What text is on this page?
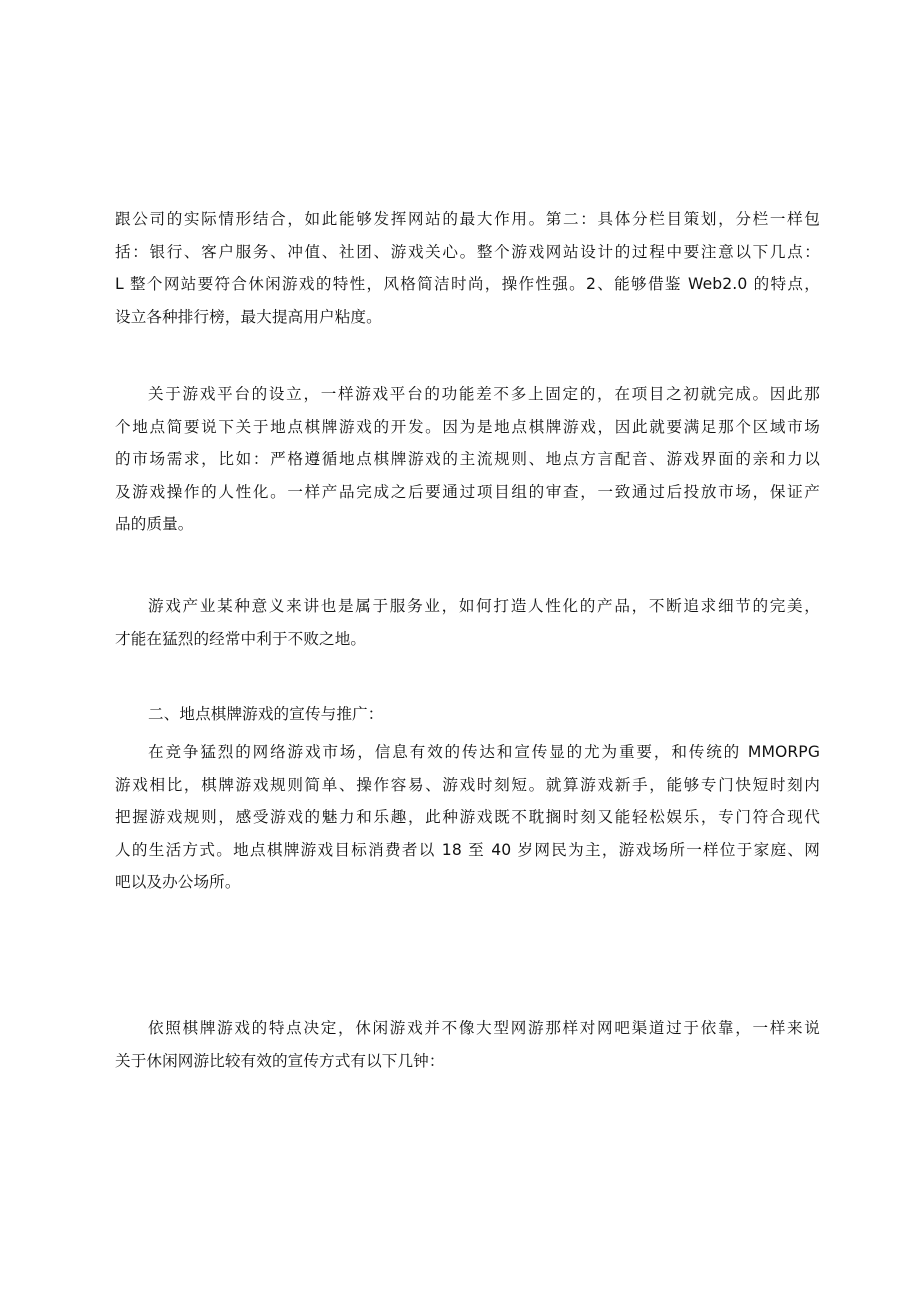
跟公司的实际情形结合，如此能够发挥网站的最大作用。第二：具体分栏目策划，分栏一样包
括：银行、客户服务、冲值、社团、游戏关心。整个游戏网站设计的过程中要注意以下几点：
L 整个网站要符合休闲游戏的特性，风格简洁时尚，操作性强。2、能够借鉴 Web2.0 的特点，
设立各种排行榜，最大提高用户粘度。
关于游戏平台的设立，一样游戏平台的功能差不多上固定的，在项目之初就完成。因此那
个地点简要说下关于地点棋牌游戏的开发。因为是地点棋牌游戏，因此就要满足那个区域市场
的市场需求，比如：严格遵循地点棋牌游戏的主流规则、地点方言配音、游戏界面的亲和力以
及游戏操作的人性化。一样产品完成之后要通过项目组的审查，一致通过后投放市场，保证产
品的质量。
游戏产业某种意义来讲也是属于服务业，如何打造人性化的产品，不断追求细节的完美，
才能在猛烈的经常中利于不败之地。
二、地点棋牌游戏的宣传与推广：
在竞争猛烈的网络游戏市场，信息有效的传达和宣传显的尤为重要，和传统的 MMORPG
游戏相比，棋牌游戏规则简单、操作容易、游戏时刻短。就算游戏新手，能够专门快短时刻内
把握游戏规则，感受游戏的魅力和乐趣，此种游戏既不耽搁时刻又能轻松娱乐，专门符合现代
人的生活方式。地点棋牌游戏目标消费者以 18 至 40 岁网民为主，游戏场所一样位于家庭、网
吧以及办公场所。
依照棋牌游戏的特点决定，休闲游戏并不像大型网游那样对网吧渠道过于依靠，一样来说
关于休闲网游比较有效的宣传方式有以下几钟：
